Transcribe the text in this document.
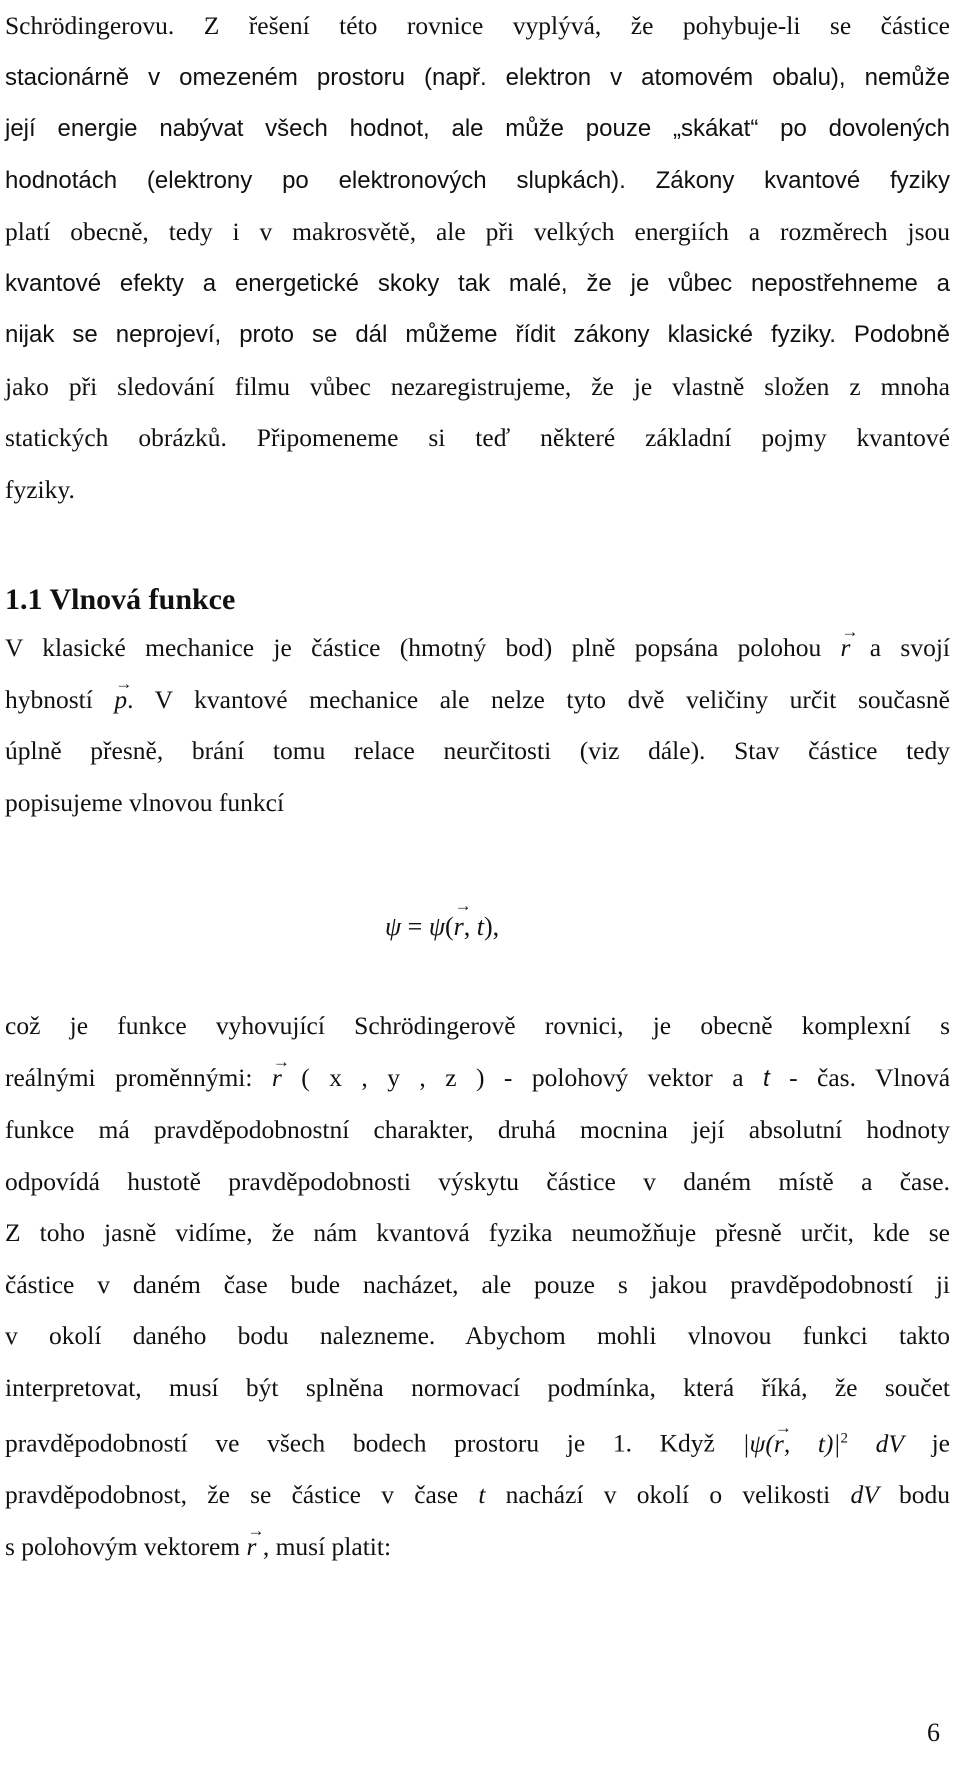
Schrödingerovu. Z řešení této rovnice vyplývá, že pohybuje-li se částice
stacionárně v omezeném prostoru (např. elektron v atomovém obalu), nemůže
její energie nabývat všech hodnot, ale může pouze „skákat“ po dovolených
hodnotách (elektrony po elektronových slupkách). Zákony kvantové fyziky
platí obecně, tedy i v makrosvětě, ale při velkých energiích a rozměrech jsou
kvantové efekty a energetické skoky tak malé, že je vůbec nepostřehneme a
nijak se neprojeví, proto se dál můžeme řídit zákony klasické fyziky. Podobně
jako při sledování filmu vůbec nezaregistrujeme, že je vlastně složen z mnoha
statických obrázků. Připomeneme si teď některé základní pojmy kvantové
fyziky.
1.1 Vlnová funkce
V klasické mechanice je částice (hmotný bod) plně popsána polohou → r a svojí
hybností → p. V kvantové mechanice ale nelze tyto dvě veličiny určit současně
úplně přesně, brání tomu relace neurčitosti (viz dále). Stav částice tedy
popisujeme vlnovou funkcí
ψ = ψ(→ r, t),
což je funkce vyhovující Schrödingerově rovnici, je obecně komplexní s
reálnými proměnnými: → r ( x , y , z ) - polohový vektor a t - čas. Vlnová
funkce má pravděpodobnostní charakter, druhá mocnina její absolutní hodnoty
odpovídá hustotě pravděpodobnosti výskytu částice v daném místě a čase.
Z toho jasně vidíme, že nám kvantová fyzika neumožňuje přesně určit, kde se
částice v daném čase bude nacházet, ale pouze s jakou pravděpodobností ji
v okolí daného bodu nalezneme. Abychom mohli vlnovou funkci takto
interpretovat, musí být splněna normovací podmínka, která říká, že součet
pravděpodobností ve všech bodech prostoru je 1. Když |ψ(→ r, $t)|^2$ dV je
pravděpodobnost, že se částice v čase t nachází v okolí o velikosti dV bodu
s polohovým vektorem → r , musí platit:
6
